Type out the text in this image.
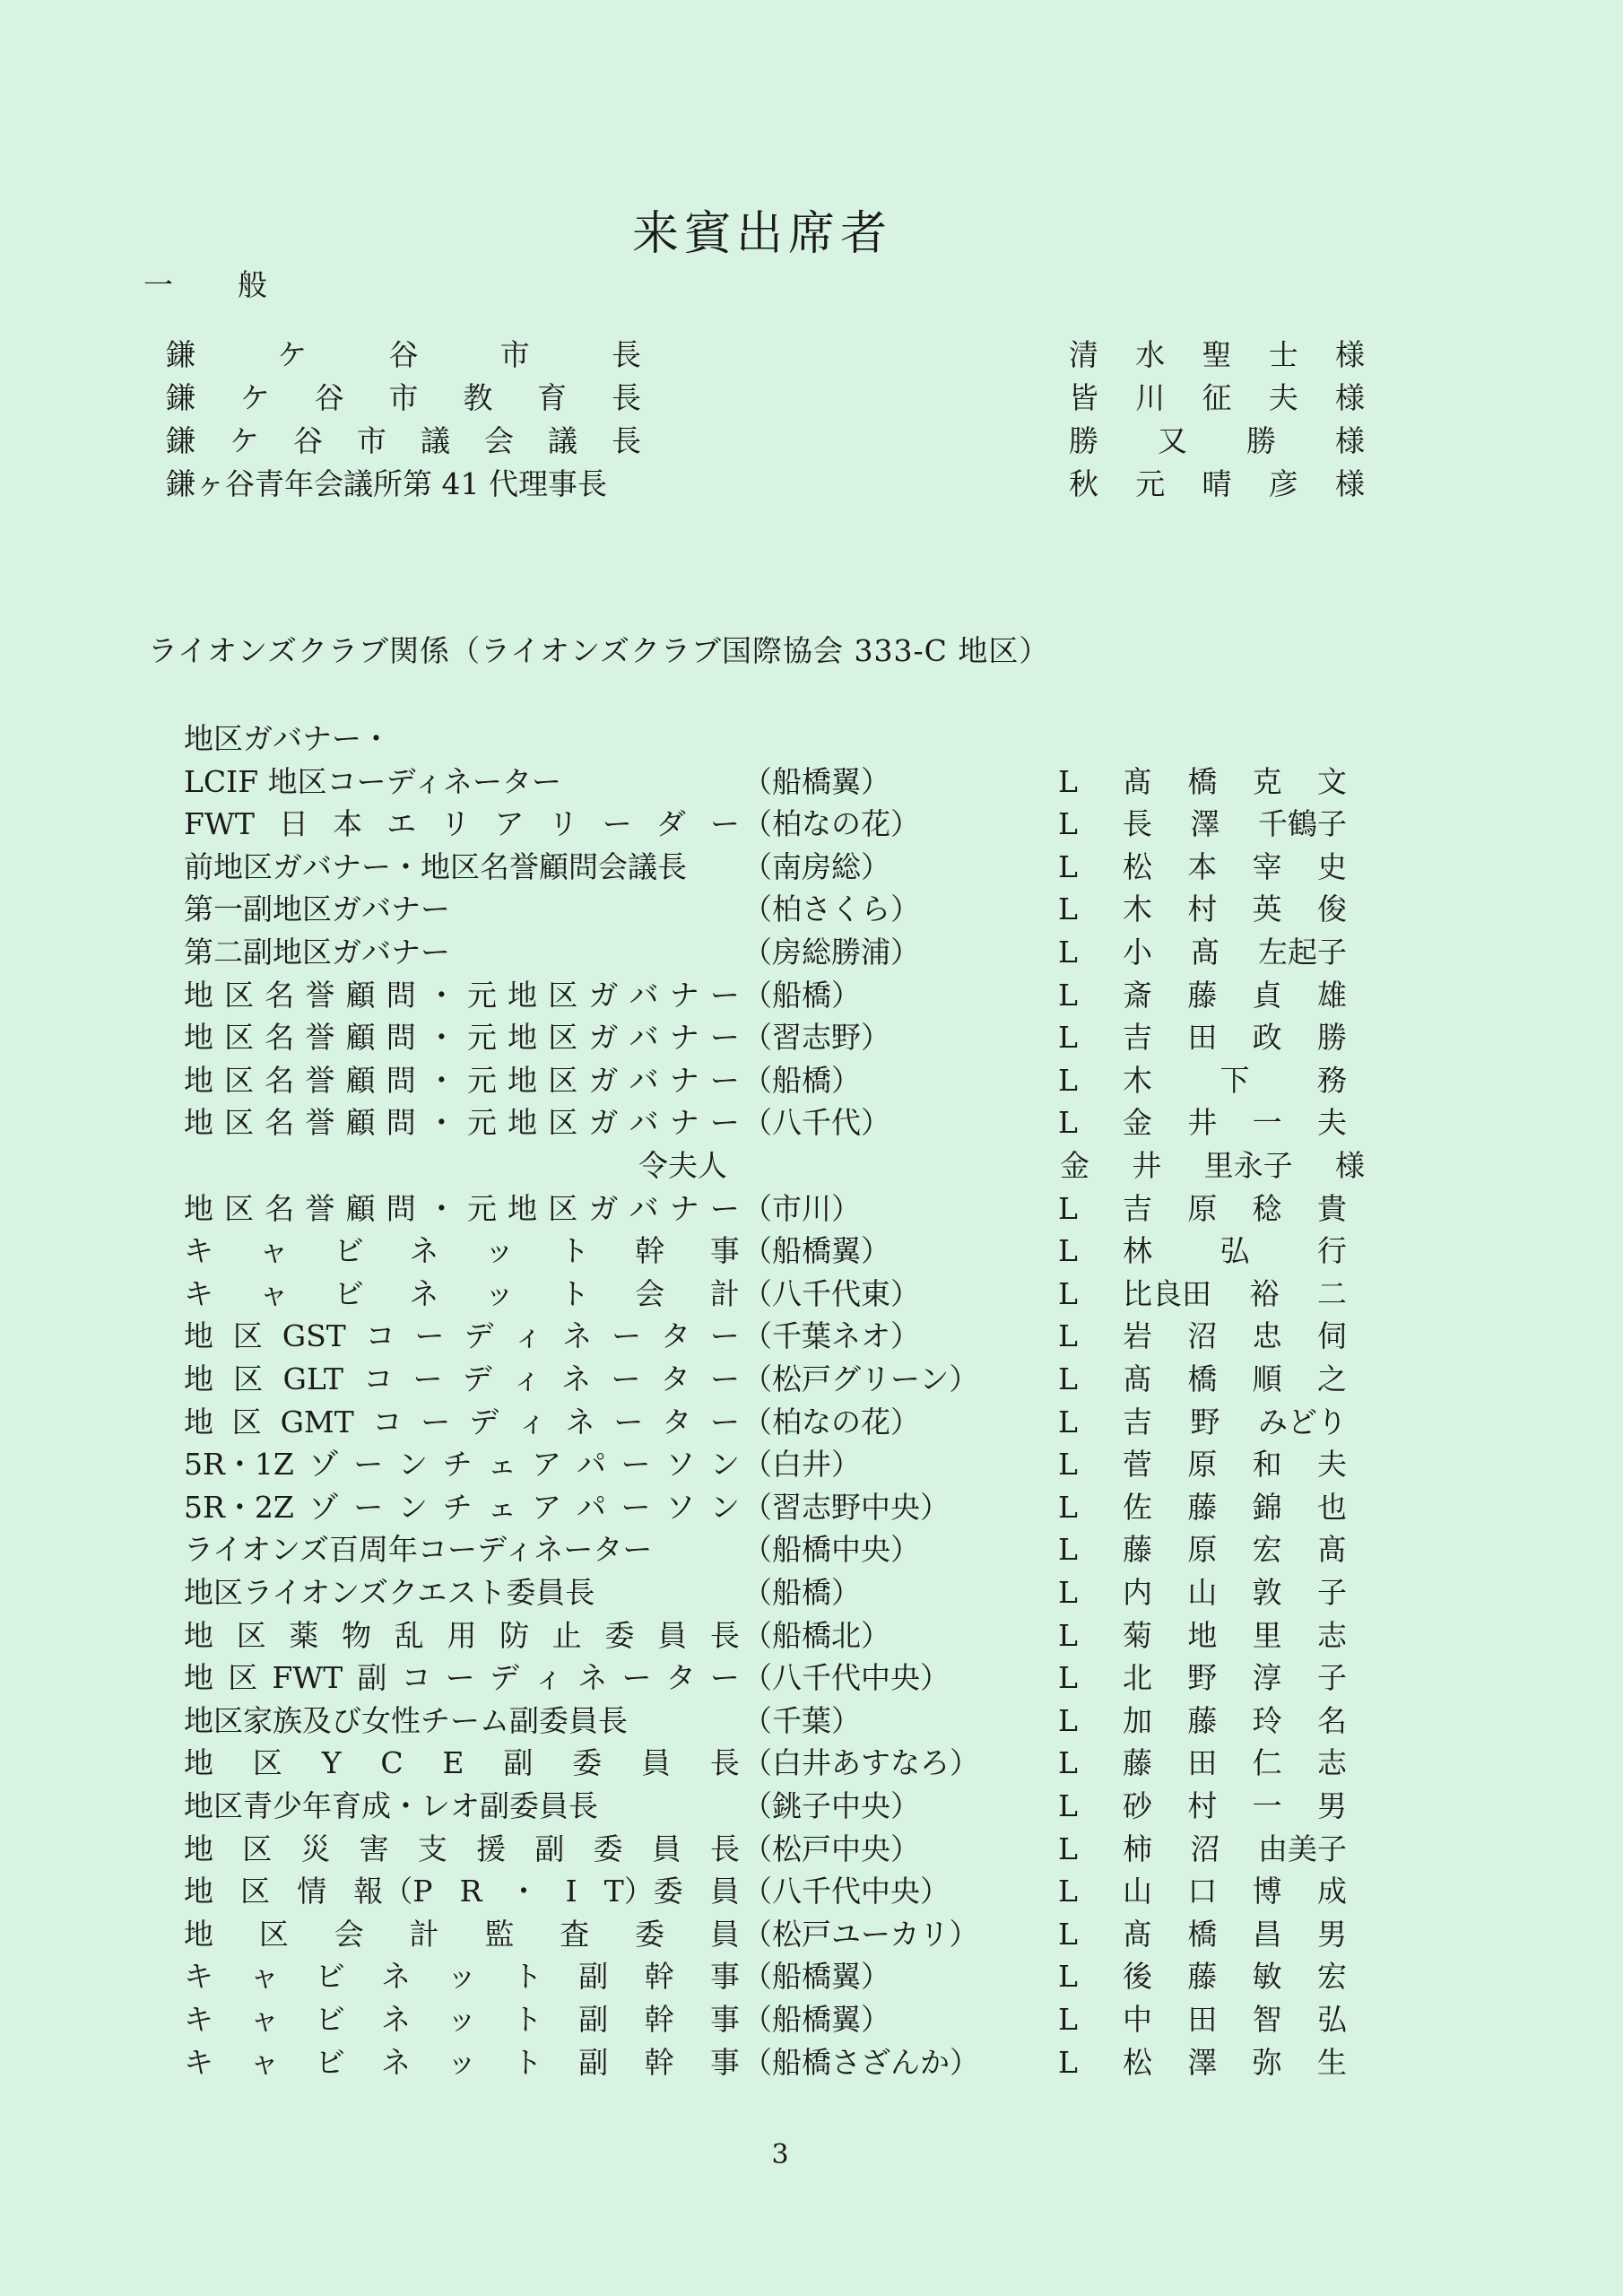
来賓出席者
一 般
鎌	ケ	谷	市	長	清 水 聖 士 様
鎌 ケ 谷 市 教 育 長	皆 川 征 夫 様
鎌 ケ 谷 市 議 会 議 長	勝 又 勝 様
鎌ヶ谷青年会議所第 41 代理事長	秋 元 晴 彦 様
ライオンズクラブ関係（ライオンズクラブ国際協会 333-C 地区）
地区ガバナー・
LCIF 地区コーディネーター	（船橋翼）	L 髙 橋 克 文
FWT 日 本 エ リ ア リ ー ダ ー （柏なの花）	L 長 澤 千鶴子
前地区ガバナー・地区名誉顧問会議長	（南房総）	L 松 本 宰 史
第一副地区ガバナー	（柏さくら）	L 木 村 英 俊
第二副地区ガバナー	（房総勝浦）	L 小 髙 左起子
地 区 名 誉 顧 問 ・ 元 地 区 ガ バ ナ ー （船橋）	L 斎 藤 貞 雄
地 区 名 誉 顧 問 ・ 元 地 区 ガ バ ナ ー （習志野）	L 吉 田 政 勝
地 区 名 誉 顧 問 ・ 元 地 区 ガ バ ナ ー （船橋）	L 木 下 務
地 区 名 誉 顧 問 ・ 元 地 区 ガ バ ナ ー （八千代）	L 金 井 一 夫
令夫人	金 井 里永子 様
地 区 名 誉 顧 問 ・ 元 地 区 ガ バ ナ ー （市川）	L 吉 原 稔 貴
キ ャ ビ ネ ッ ト 幹 事 （船橋翼）	L 林 弘 行
キ ャ ビ ネ ッ ト 会 計 （八千代東）	L 比良田 裕 二
地 区 GST コ ー デ ィ ネ ー タ ー （千葉ネオ）	L 岩 沼 忠 伺
地 区 GLT コ ー デ ィ ネ ー タ ー （松戸グリーン）	L 髙 橋 順 之
地 区 GMT コ ー デ ィ ネ ー タ ー （柏なの花）	L 吉 野 みどり
5R・1Z ゾ ー ン チ ェ ア パ ー ソ ン （白井）	L 菅 原 和 夫
5R・2Z ゾ ー ン チ ェ ア パ ー ソ ン （習志野中央）	L 佐 藤 錦 也
ライオンズ百周年コーディネーター	（船橋中央）	L 藤 原 宏 髙
地区ライオンズクエスト委員長	（船橋）	L 内 山 敦 子
地 区 薬 物 乱 用 防 止 委 員 長 （船橋北）	L 菊 地 里 志
地 区 FWT 副 コ ー デ ィ ネ ー タ ー （八千代中央）	L 北 野 淳 子
地区家族及び女性チーム副委員長	（千葉）	L 加 藤 玲 名
地 区 Y C E 副 委 員 長 （白井あすなろ）	L 藤 田 仁 志
地区青少年育成・レオ副委員長	（銚子中央）	L 砂 村 一 男
地 区 災 害 支 援 副 委 員 長 （松戸中央）	L 柿 沼 由美子
地 区 情 報（P R ・ I T）委 員 （八千代中央）	L 山 口 博 成
地 区 会 計 監 査 委 員 （松戸ユーカリ）	L 髙 橋 昌 男
キ ャ ビ ネ ッ ト 副 幹 事 （船橋翼）	L 後 藤 敏 宏
キ ャ ビ ネ ッ ト 副 幹 事 （船橋翼）	L 中 田 智 弘
キ ャ ビ ネ ッ ト 副 幹 事 （船橋さざんか）	L 松 澤 弥 生
3
